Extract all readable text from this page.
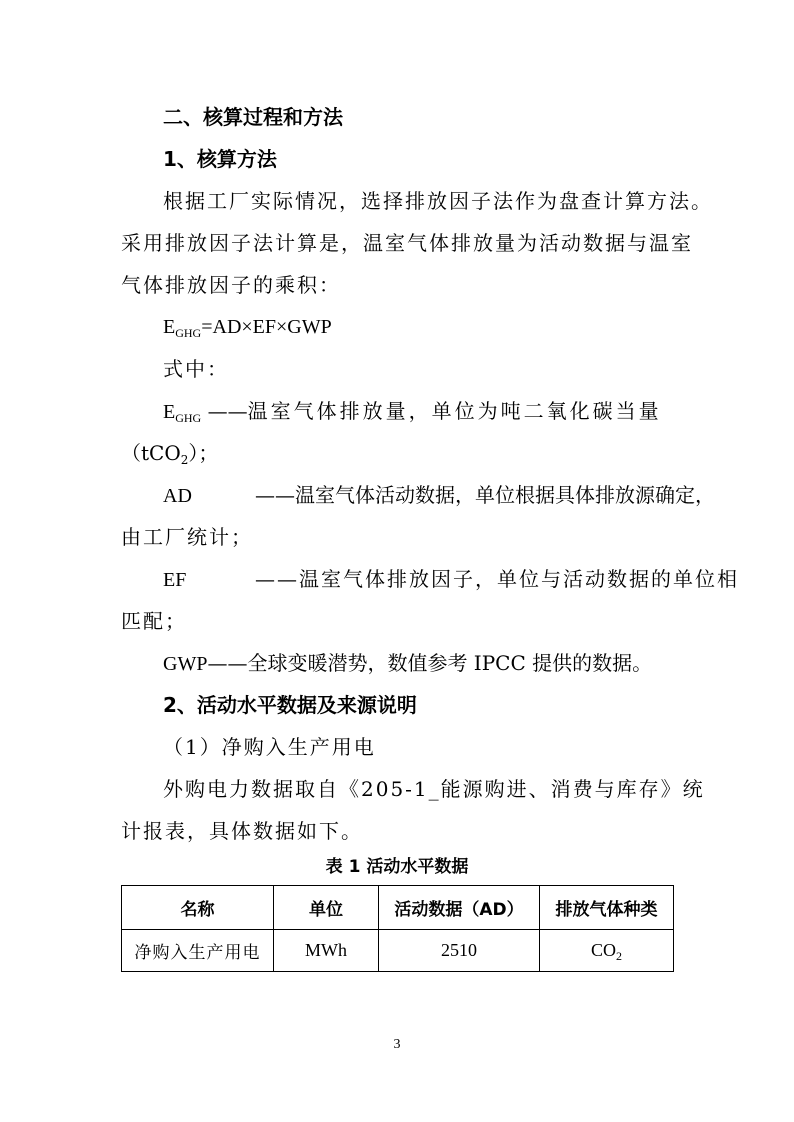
二、核算过程和方法
1、核算方法
根据工厂实际情况，选择排放因子法作为盘查计算方法。
采用排放因子法计算是，温室气体排放量为活动数据与温室
气体排放因子的乘积：
$E_{GHG}=AD\times EF\times GWP$
式中：
$E_{GHG}$ ——温室气体排放量，单位为吨二氧化碳当量
（tCO$_2$）；
AD	——温室气体活动数据，单位根据具体排放源确定，
由工厂统计；
EF	——温室气体排放因子，单位与活动数据的单位相
匹配；
GWP——全球变暖潜势，数值参考 IPCC 提供的数据。
2、活动水平数据及来源说明
（1）净购入生产用电
外购电力数据取自《205-1_能源购进、消费与库存》统
计报表，具体数据如下。
表 1 活动水平数据
名称	单位	活动数据（AD）	排放气体种类
净购入生产用电	MWh	2510	$CO_2$
3
